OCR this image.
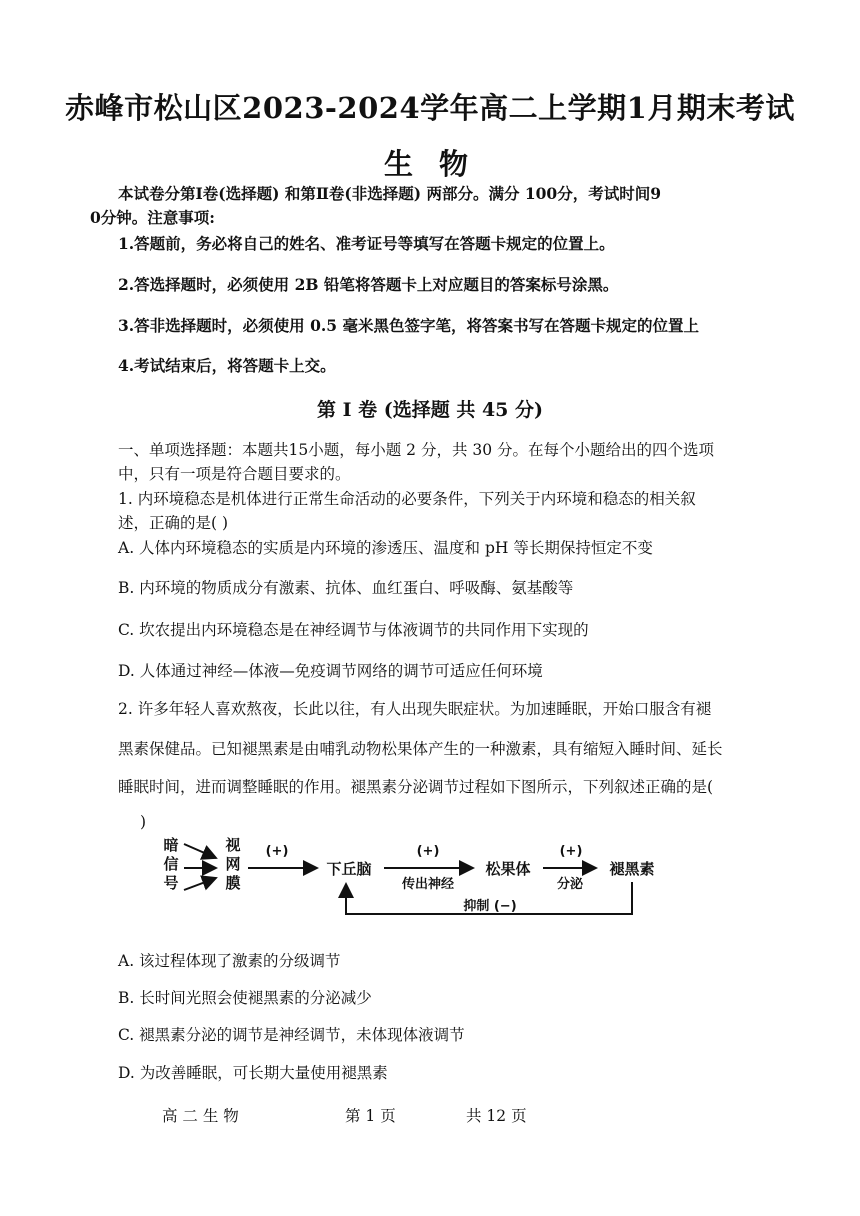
赤峰市松山区2023-2024学年高二上学期1月期末考试
生 物
本试卷分第Ⅰ卷(选择题) 和第Ⅱ卷(非选择题) 两部分。满分 100分，考试时间9
0分钟。注意事项:
1.答题前，务必将自己的姓名、准考证号等填写在答题卡规定的位置上。
2.答选择题时，必须使用 2B 铅笔将答题卡上对应题目的答案标号涂黑。
3.答非选择题时，必须使用 0.5 毫米黑色签字笔，将答案书写在答题卡规定的位置上
4.考试结束后，将答题卡上交。
第 Ⅰ 卷 (选择题 共 45 分)
一、单项选择题：本题共15小题，每小题 2 分，共 30 分。在每个小题给出的四个选项
中，只有一项是符合题目要求的。
1. 内环境稳态是机体进行正常生命活动的必要条件，下列关于内环境和稳态的相关叙
述，正确的是( )
A. 人体内环境稳态的实质是内环境的渗透压、温度和 pH 等长期保持恒定不变
B. 内环境的物质成分有激素、抗体、血红蛋白、呼吸酶、氨基酸等
C. 坎农提出内环境稳态是在神经调节与体液调节的共同作用下实现的
D. 人体通过神经—体液—免疫调节网络的调节可适应任何环境
2. 许多年轻人喜欢熬夜，长此以往，有人出现失眠症状。为加速睡眠，开始口服含有褪
黑素保健品。已知褪黑素是由哺乳动物松果体产生的一种激素，具有缩短入睡时间、延长
睡眠时间，进而调整睡眠的作用。褪黑素分泌调节过程如下图所示，下列叙述正确的是(
)
暗
信
号
视
网
膜
(+)
下丘脑
(+)
传出神经
松果体
(+)
分泌
褪黑素
抑制 (−)
A. 该过程体现了激素的分级调节
B. 长时间光照会使褪黑素的分泌减少
C. 褪黑素分泌的调节是神经调节，未体现体液调节
D. 为改善睡眠，可长期大量使用褪黑素
高 二 生 物	第 1 页	共 12 页
